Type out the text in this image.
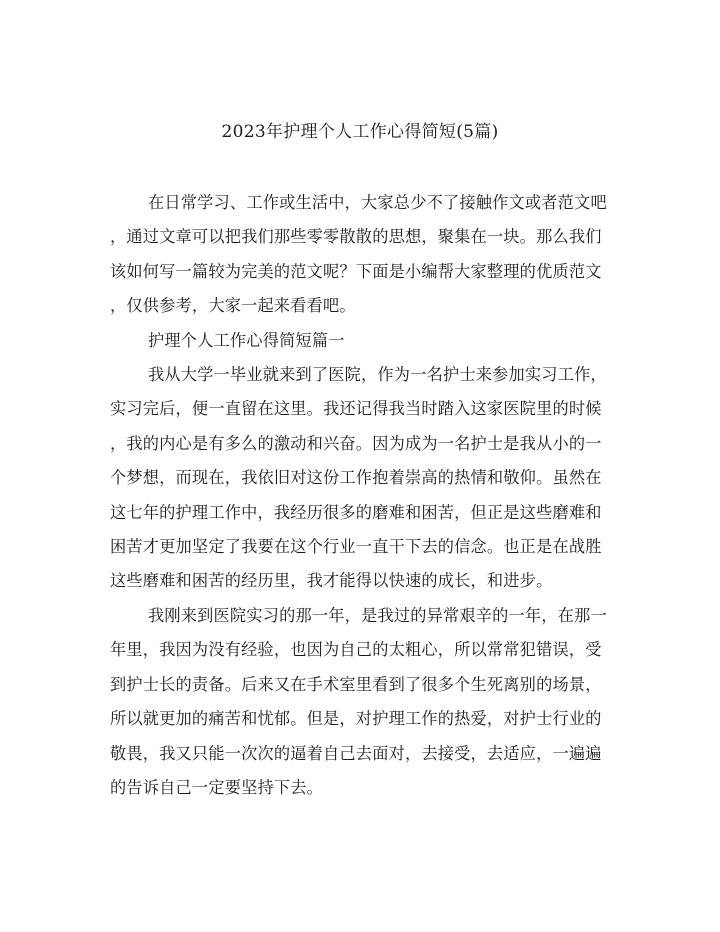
2023年护理个人工作心得简短(5篇)
在日常学习、工作或生活中，大家总少不了接触作文或者范文吧
，通过文章可以把我们那些零零散散的思想，聚集在一块。那么我们
该如何写一篇较为完美的范文呢？下面是小编帮大家整理的优质范文
，仅供参考，大家一起来看看吧。
护理个人工作心得简短篇一
我从大学一毕业就来到了医院，作为一名护士来参加实习工作，
实习完后，便一直留在这里。我还记得我当时踏入这家医院里的时候
，我的内心是有多么的激动和兴奋。因为成为一名护士是我从小的一
个梦想，而现在，我依旧对这份工作抱着崇高的热情和敬仰。虽然在
这七年的护理工作中，我经历很多的磨难和困苦，但正是这些磨难和
困苦才更加坚定了我要在这个行业一直干下去的信念。也正是在战胜
这些磨难和困苦的经历里，我才能得以快速的成长，和进步。
我刚来到医院实习的那一年，是我过的异常艰辛的一年，在那一
年里，我因为没有经验，也因为自己的太粗心，所以常常犯错误，受
到护士长的责备。后来又在手术室里看到了很多个生死离别的场景，
所以就更加的痛苦和忧郁。但是，对护理工作的热爱，对护士行业的
敬畏，我又只能一次次的逼着自己去面对，去接受，去适应，一遍遍
的告诉自己一定要坚持下去。
